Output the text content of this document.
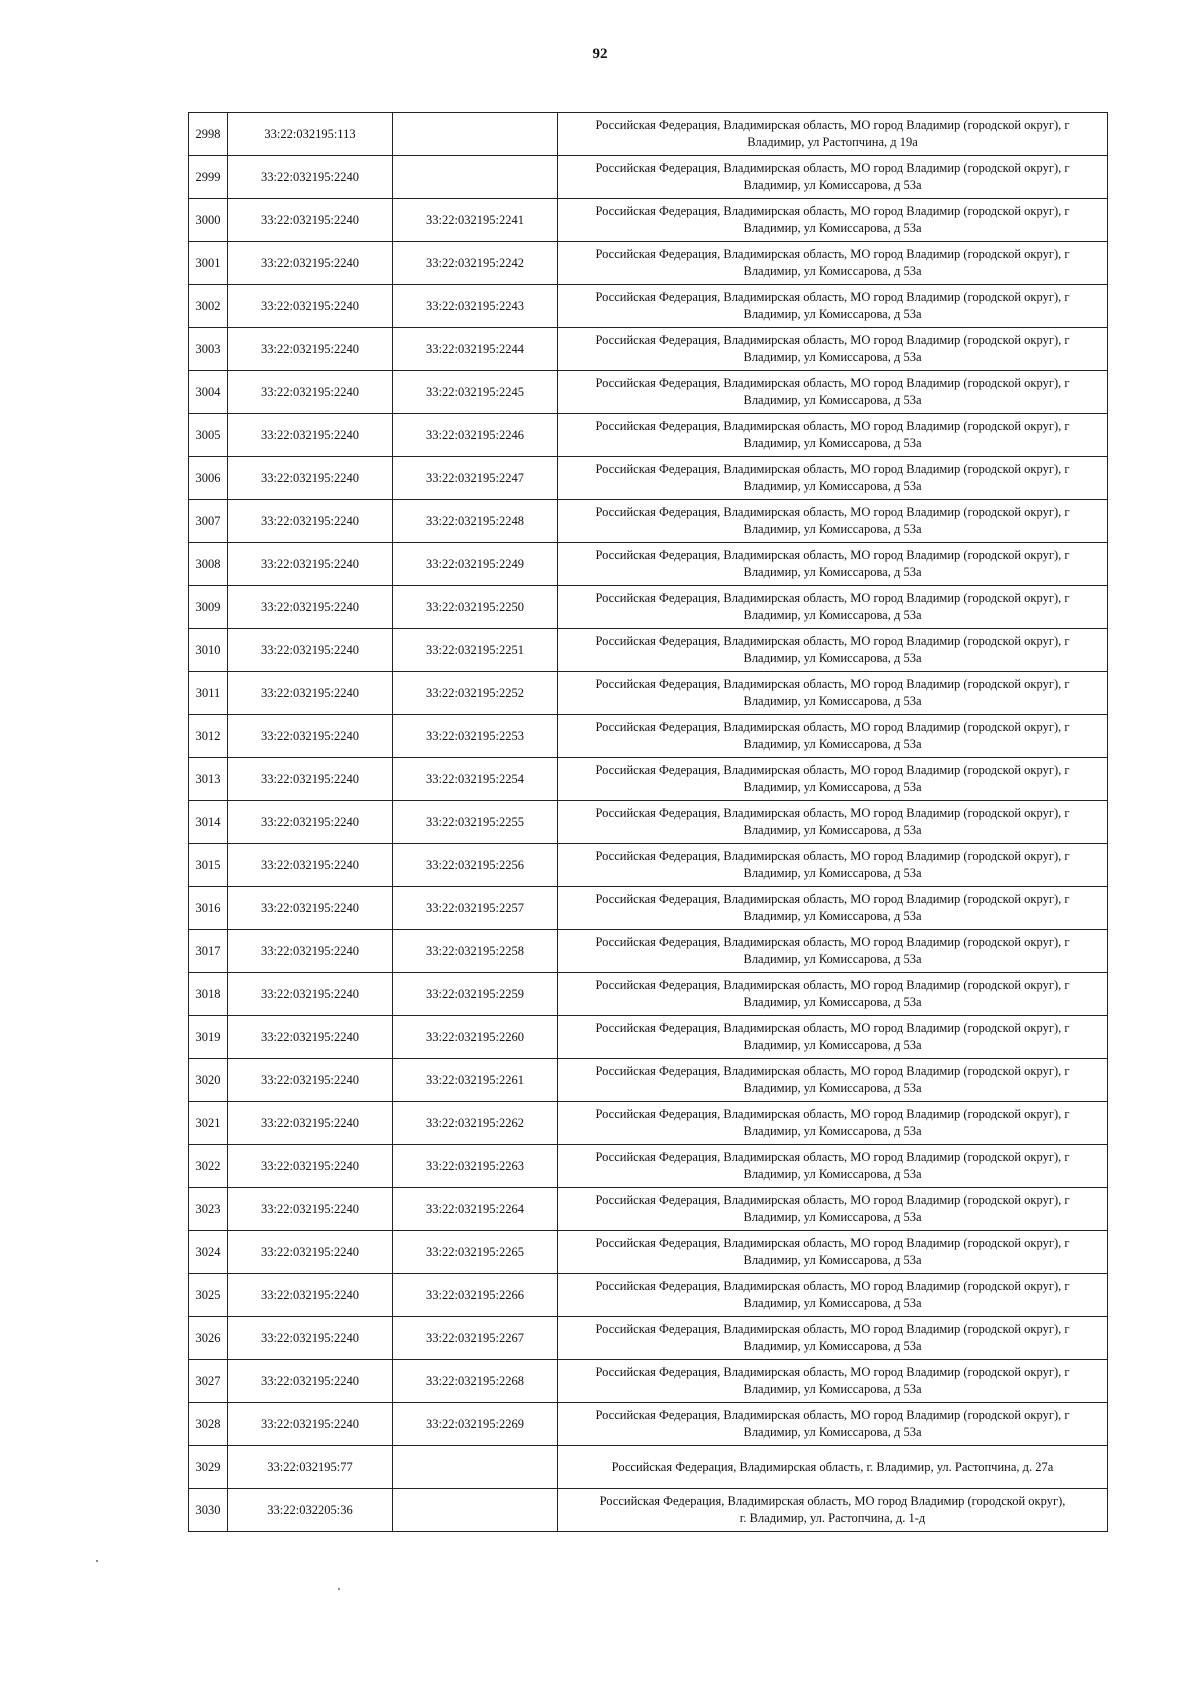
92
2998	33:22:032195:113		Российская Федерация, Владимирская область, МО город Владимир (городской округ), г
Владимир, ул Растопчина, д 19а

2999	33:22:032195:2240		Российская Федерация, Владимирская область, МО город Владимир (городской округ), г
Владимир, ул Комиссарова, д 53а

3000	33:22:032195:2240	33:22:032195:2241	Российская Федерация, Владимирская область, МО город Владимир (городской округ), г
Владимир, ул Комиссарова, д 53а

3001	33:22:032195:2240	33:22:032195:2242	Российская Федерация, Владимирская область, МО город Владимир (городской округ), г
Владимир, ул Комиссарова, д 53а

3002	33:22:032195:2240	33:22:032195:2243	Российская Федерация, Владимирская область, МО город Владимир (городской округ), г
Владимир, ул Комиссарова, д 53а

3003	33:22:032195:2240	33:22:032195:2244	Российская Федерация, Владимирская область, МО город Владимир (городской округ), г
Владимир, ул Комиссарова, д 53а

3004	33:22:032195:2240	33:22:032195:2245	Российская Федерация, Владимирская область, МО город Владимир (городской округ), г
Владимир, ул Комиссарова, д 53а

3005	33:22:032195:2240	33:22:032195:2246	Российская Федерация, Владимирская область, МО город Владимир (городской округ), г
Владимир, ул Комиссарова, д 53а

3006	33:22:032195:2240	33:22:032195:2247	Российская Федерация, Владимирская область, МО город Владимир (городской округ), г
Владимир, ул Комиссарова, д 53а

3007	33:22:032195:2240	33:22:032195:2248	Российская Федерация, Владимирская область, МО город Владимир (городской округ), г
Владимир, ул Комиссарова, д 53а

3008	33:22:032195:2240	33:22:032195:2249	Российская Федерация, Владимирская область, МО город Владимир (городской округ), г
Владимир, ул Комиссарова, д 53а

3009	33:22:032195:2240	33:22:032195:2250	Российская Федерация, Владимирская область, МО город Владимир (городской округ), г
Владимир, ул Комиссарова, д 53а

3010	33:22:032195:2240	33:22:032195:2251	Российская Федерация, Владимирская область, МО город Владимир (городской округ), г
Владимир, ул Комиссарова, д 53а

3011	33:22:032195:2240	33:22:032195:2252	Российская Федерация, Владимирская область, МО город Владимир (городской округ), г
Владимир, ул Комиссарова, д 53а

3012	33:22:032195:2240	33:22:032195:2253	Российская Федерация, Владимирская область, МО город Владимир (городской округ), г
Владимир, ул Комиссарова, д 53а

3013	33:22:032195:2240	33:22:032195:2254	Российская Федерация, Владимирская область, МО город Владимир (городской округ), г
Владимир, ул Комиссарова, д 53а

3014	33:22:032195:2240	33:22:032195:2255	Российская Федерация, Владимирская область, МО город Владимир (городской округ), г
Владимир, ул Комиссарова, д 53а

3015	33:22:032195:2240	33:22:032195:2256	Российская Федерация, Владимирская область, МО город Владимир (городской округ), г
Владимир, ул Комиссарова, д 53а

3016	33:22:032195:2240	33:22:032195:2257	Российская Федерация, Владимирская область, МО город Владимир (городской округ), г
Владимир, ул Комиссарова, д 53а

3017	33:22:032195:2240	33:22:032195:2258	Российская Федерация, Владимирская область, МО город Владимир (городской округ), г
Владимир, ул Комиссарова, д 53а

3018	33:22:032195:2240	33:22:032195:2259	Российская Федерация, Владимирская область, МО город Владимир (городской округ), г
Владимир, ул Комиссарова, д 53а

3019	33:22:032195:2240	33:22:032195:2260	Российская Федерация, Владимирская область, МО город Владимир (городской округ), г
Владимир, ул Комиссарова, д 53а

3020	33:22:032195:2240	33:22:032195:2261	Российская Федерация, Владимирская область, МО город Владимир (городской округ), г
Владимир, ул Комиссарова, д 53а

3021	33:22:032195:2240	33:22:032195:2262	Российская Федерация, Владимирская область, МО город Владимир (городской округ), г
Владимир, ул Комиссарова, д 53а

3022	33:22:032195:2240	33:22:032195:2263	Российская Федерация, Владимирская область, МО город Владимир (городской округ), г
Владимир, ул Комиссарова, д 53а

3023	33:22:032195:2240	33:22:032195:2264	Российская Федерация, Владимирская область, МО город Владимир (городской округ), г
Владимир, ул Комиссарова, д 53а

3024	33:22:032195:2240	33:22:032195:2265	Российская Федерация, Владимирская область, МО город Владимир (городской округ), г
Владимир, ул Комиссарова, д 53а

3025	33:22:032195:2240	33:22:032195:2266	Российская Федерация, Владимирская область, МО город Владимир (городской округ), г
Владимир, ул Комиссарова, д 53а

3026	33:22:032195:2240	33:22:032195:2267	Российская Федерация, Владимирская область, МО город Владимир (городской округ), г
Владимир, ул Комиссарова, д 53а

3027	33:22:032195:2240	33:22:032195:2268	Российская Федерация, Владимирская область, МО город Владимир (городской округ), г
Владимир, ул Комиссарова, д 53а

3028	33:22:032195:2240	33:22:032195:2269	Российская Федерация, Владимирская область, МО город Владимир (городской округ), г
Владимир, ул Комиссарова, д 53а

3029	33:22:032195:77		Российская Федерация, Владимирская область, г. Владимир, ул. Растопчина, д. 27а

3030	33:22:032205:36		Российская Федерация, Владимирская область, МО город Владимир (городской округ),
г. Владимир, ул. Растопчина, д. 1-д
